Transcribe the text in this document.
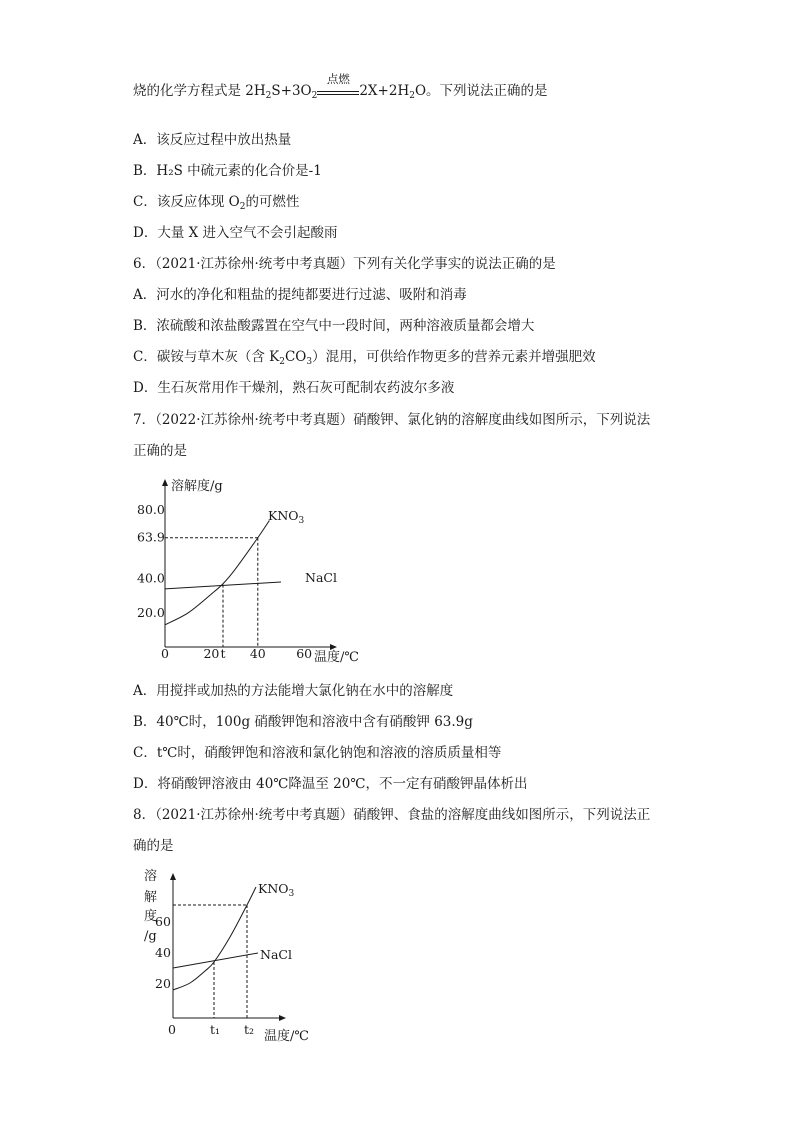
烧的化学方程式是 $2H_2S+3O_2$
点燃
$2X+2H_2O$。下列说法正确的是
A．该反应过程中放出热量
B．H₂S 中硫元素的化合价是-1
C．该反应体现 $O_2$的可燃性
D．大量 X 进入空气不会引起酸雨
6．（2021·江苏徐州·统考中考真题）下列有关化学事实的说法正确的是
A．河水的净化和粗盐的提纯都要进行过滤、吸附和消毒
B．浓硫酸和浓盐酸露置在空气中一段时间，两种溶液质量都会增大
C．碳铵与草木灰（含 $K_2CO_3$）混用，可供给作物更多的营养元素并增强肥效
D．生石灰常用作干燥剂，熟石灰可配制农药波尔多液
7．（2022·江苏徐州·统考中考真题）硝酸钾、氯化钠的溶解度曲线如图所示，下列说法
正确的是
溶解度/g
温度/℃
20.0
40.0
63.9
80.0
0	20 t 40 60
$KNO_3$
NaCl
A．用搅拌或加热的方法能增大氯化钠在水中的溶解度
B．40℃时，100g 硝酸钾饱和溶液中含有硝酸钾 63.9g
C．t℃时，硝酸钾饱和溶液和氯化钠饱和溶液的溶质质量相等
D．将硝酸钾溶液由 40℃降温至 20℃，不一定有硝酸钾晶体析出
8．（2021·江苏徐州·统考中考真题）硝酸钾、食盐的溶解度曲线如图所示，下列说法正
确的是
溶
解
度
/g
温度/℃
20
40
60
0	t₁ t₂
$KNO_3$
NaCl
